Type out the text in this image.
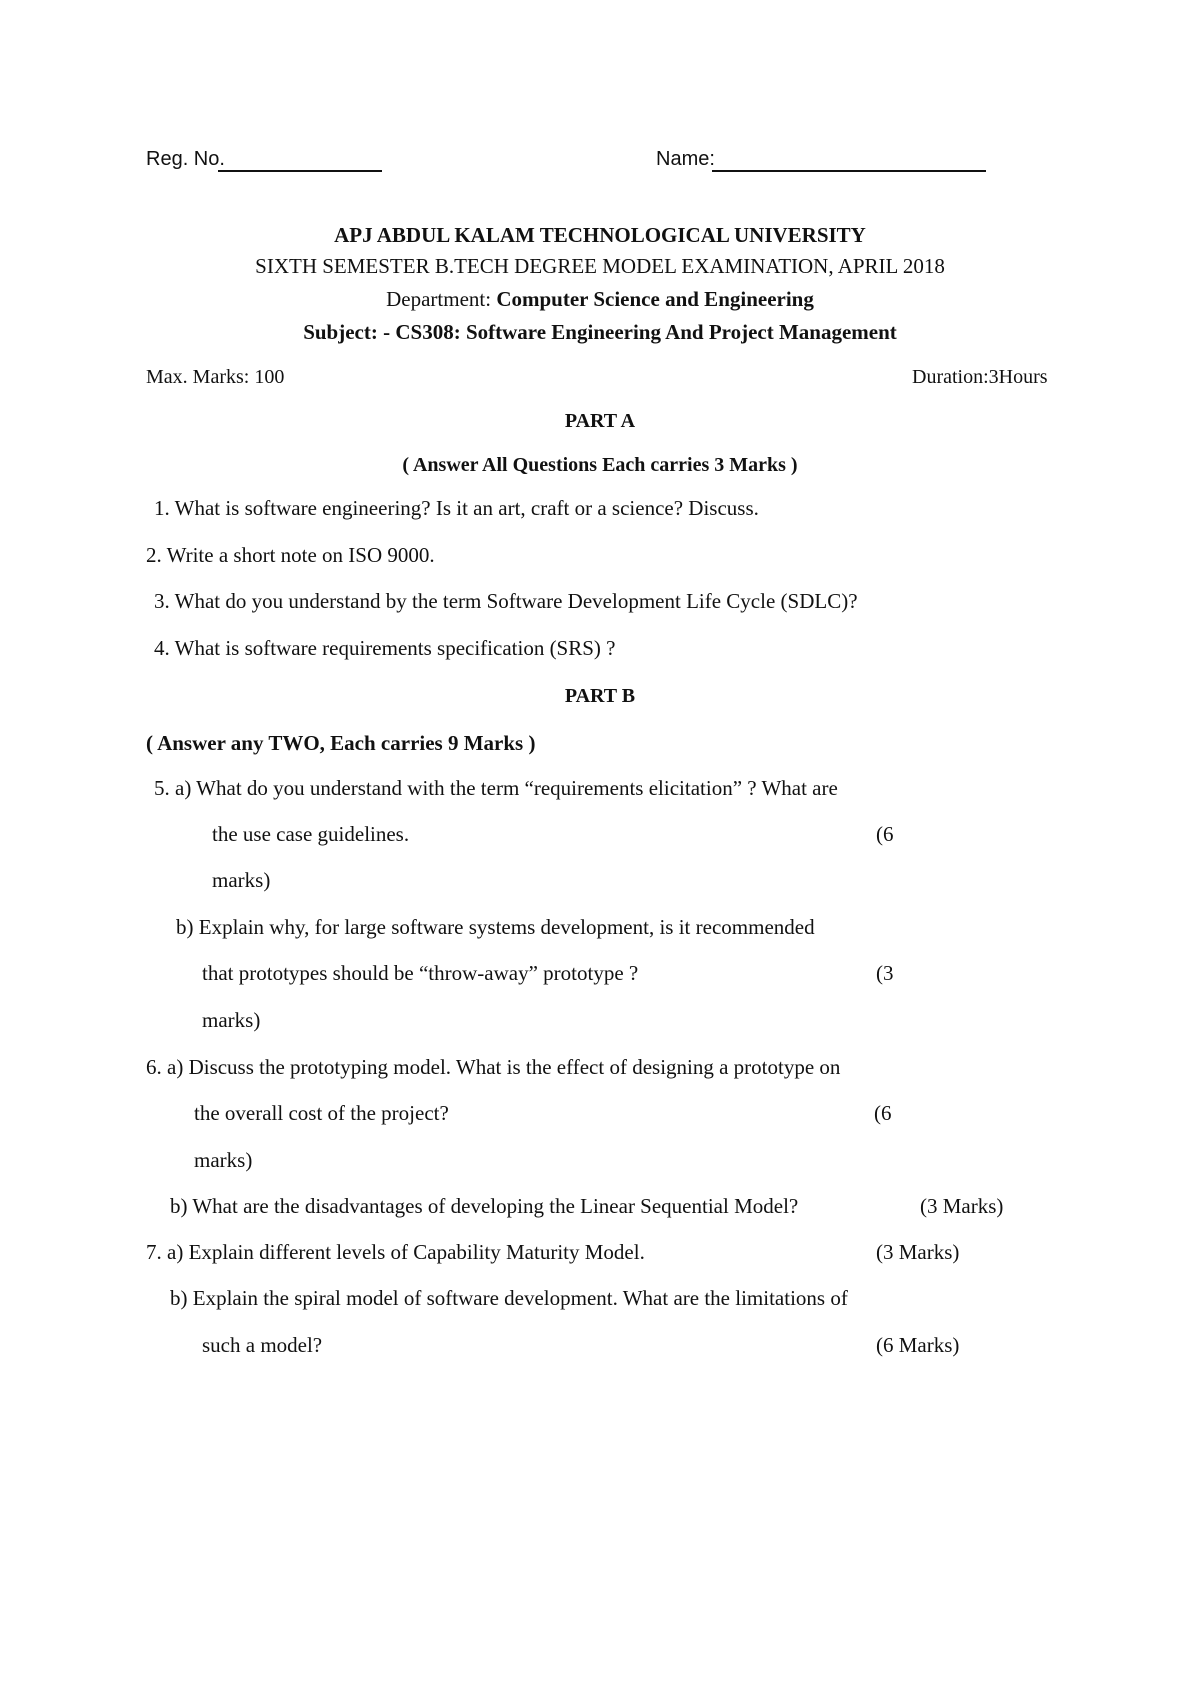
Reg. No.	Name:
APJ ABDUL KALAM TECHNOLOGICAL UNIVERSITY
SIXTH SEMESTER B.TECH DEGREE MODEL EXAMINATION, APRIL 2018
Department: Computer Science and Engineering
Subject: - CS308: Software Engineering And Project Management
Max. Marks: 100	Duration:3Hours
PART A
( Answer All Questions Each carries 3 Marks )
1. What is software engineering? Is it an art, craft or a science? Discuss.
2. Write a short note on ISO 9000.
3. What do you understand by the term Software Development Life Cycle (SDLC)?
4. What is software requirements specification (SRS) ?
PART B
( Answer any TWO, Each carries 9 Marks )
5. a) What do you understand with the term “requirements elicitation” ? What are
the use case guidelines.	(6
marks)
b) Explain why, for large software systems development, is it recommended
that prototypes should be “throw-away” prototype ?	(3
marks)
6. a) Discuss the prototyping model. What is the effect of designing a prototype on
the overall cost of the project?	(6
marks)
b) What are the disadvantages of developing the Linear Sequential Model?	(3 Marks)
7. a) Explain different levels of Capability Maturity Model.	(3 Marks)
b) Explain the spiral model of software development. What are the limitations of
such a model?	(6 Marks)
